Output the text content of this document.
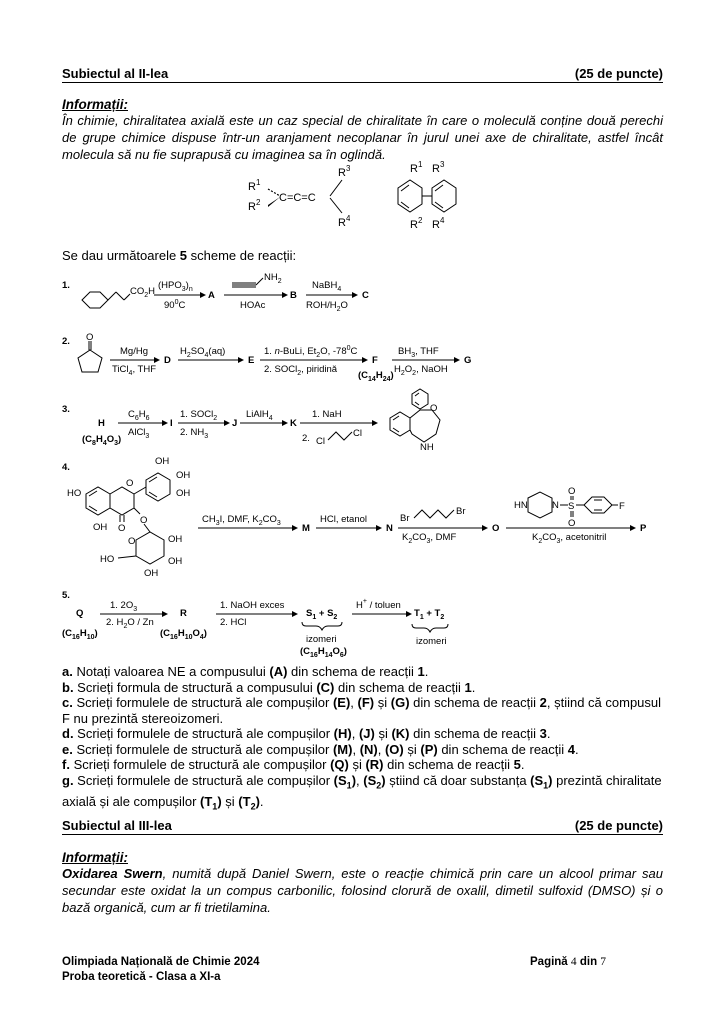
Subiectul al II-lea	(25 de puncte)
Informații:
În chimie, chiralitatea axială este un caz special de chiralitate în care o moleculă conține două perechi de grupe chimice dispuse într-un aranjament necoplanar în jurul unei axe de chiralitate, astfel încât molecula să nu fie suprapusă cu imaginea sa în oglindă.
$R^1$
$R^2$ C=C=C
$R^3$
$R^4$
$R^1$ $R^3$
$R^2$ $R^4$
Se dau următoarele 5 scheme de reacții:
1.
$CO_2H$
$(HPO_3)_n$
$90^0C$
A
$NH_2$
HOAc
B
NaBH$_4$
ROH/$H_2O$
C
2. O
Mg/Hg
TiCl$_4$, THF
D
$H_2SO_4(aq)$
E
1. n-BuLi, $Et_2O$, $-78^0C$
2. SOCl$_2$, piridină
F
$(C_{14}H_{24})$
$BH_3$, THF
$H_2O_2$, NaOH
G
3.
H
$(C_8H_4O_3)$
$C_6H_6$
AlCl$_3$
I
1. SOCl$_2$
2. $NH_3$
J
LiAlH$_4$ K
1. NaH
2. Cl
Cl
O
NH
4.
HO
OH
OH
OH
OH
O
O
O
O	OH
OH
OH
HO
$CH_3I$, DMF, $K_2CO_3$ M
HCl, etanol
N
Br
Br
$K_2CO_3$, DMF
O
HN	N S
O
O
F
$K_2CO_3$, acetonitril
P
5.
Q
$(C_{16}H_{10})$
1. $2O_3$
2. $H_2O$ / Zn
R
$(C_{16}H_{10}O_4)$
1. NaOH exces
2. HCl
$S_1 + S_2$
izomeri
$(C_{16}H_{14}O_6)$
H+ / toluen
$T_1 + T_2$
izomeri
a. Notați valoarea NE a compusului (A) din schema de reacții 1.
b. Scrieți formula de structură a compusului (C) din schema de reacții 1.
c. Scrieți formulele de structură ale compușilor (E), (F) și (G) din schema de reacții 2, știind că compusul F nu prezintă stereoizomeri.
d. Scrieți formulele de structură ale compușilor (H), (J) și (K) din schema de reacții 3.
e. Scrieți formulele de structură ale compușilor (M), (N), (O) și (P) din schema de reacții 4.
f. Scrieți formulele de structură ale compușilor (Q) și (R) din schema de reacții 5.
g. Scrieți formulele de structură ale compușilor $(S_1)$, $(S_2)$ știind că doar substanța $(S_1)$ prezintă chiralitate axială și ale compușilor $(T_1)$ și $(T_2)$.
Subiectul al III-lea	(25 de puncte)
Informații:
Oxidarea Swern, numită după Daniel Swern, este o reacție chimică prin care un alcool primar sau secundar este oxidat la un compus carbonilic, folosind clorură de oxalil, dimetil sulfoxid (DMSO) și o bază organică, cum ar fi trietilamina.
Olimpiada Națională de Chimie 2024
Proba teoretică - Clasa a XI-a
Pagină 4 din 7
